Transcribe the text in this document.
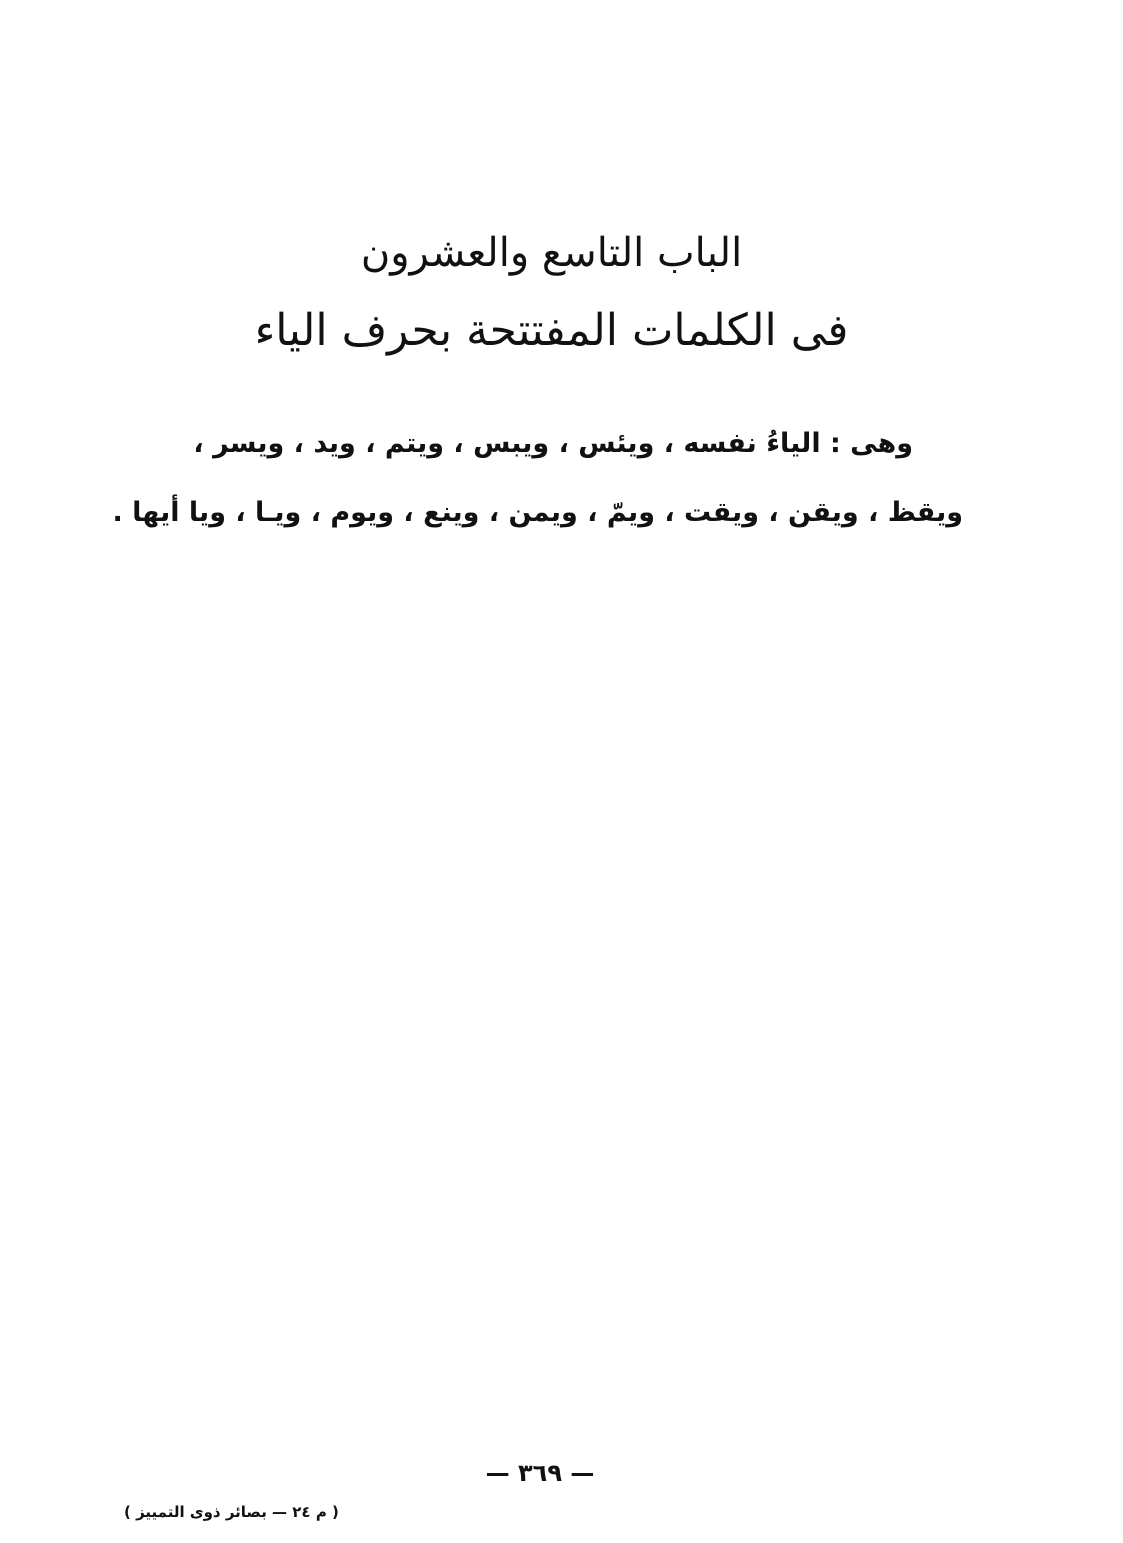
الباب التاسع والعشرون
فى الكلمات المفتتحة بحرف الياء
وهى : الياءُ نفسه ، ويئس ، ويبس ، ويتم ، ويد ، ويسر ،
ويقظ ، ويقن ، ويقت ، ويمّ ، ويمن ، وينع ، ويوم ، ويـا ، ويا أيها .
— ٣٦٩ —
( م ٢٤ — بصائر ذوى التمييز )
